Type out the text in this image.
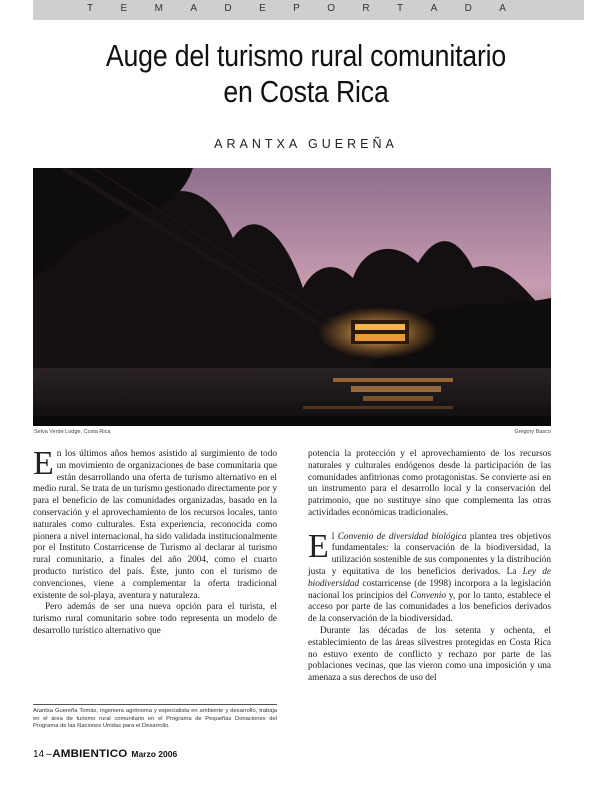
T	E	M	A	D	E	P	O	R	T	A	D	A
Auge del turismo rural comunitario
en Costa Rica
ARANTXA GUEREÑA
Selva Verde Lodge, Costa Rica	Gregory Basco

En los últimos años hemos asistido al surgimiento de todo un movimiento de organizaciones de base comunitaria que están desarrollando una oferta de turismo alternativo en el medio rural. Se trata de un turismo gestionado directamente por y para el beneficio de las comunidades organizadas, basado en la conservación y el aprovechamiento de los recursos locales, tanto naturales como culturales. Esta experiencia, reconocida como pionera a nivel internacional, ha sido validada institucionalmente por el Instituto Costarricense de Turismo al declarar al turismo rural comunitario, a finales del año 2004, como el cuarto producto turístico del país. Éste, junto con el turismo de convenciones, viene a complementar la oferta tradicional existente de sol-playa, aventura y naturaleza.

Pero además de ser una nueva opción para el turista, el turismo rural comunitario sobre todo representa un modelo de desarrollo turístico alternativo que

potencia la protección y el aprovechamiento de los recursos naturales y culturales endógenos desde la participación de las comunidades anfitrionas como protagonistas. Se convierte así en un instrumento para el desarrollo local y la conservación del patrimonio, que no sustituye sino que complementa las otras actividades económicas tradicionales.

El Convenio de diversidad biológica plantea tres objetivos fundamentales: la conservación de la biodiversidad, la utilización sostenible de sus componentes y la distribución justa y equitativa de los beneficios derivados. La Ley de biodiversidad costarricense (de 1998) incorpora a la legislación nacional los principios del Convenio y, por lo tanto, establece el acceso por parte de las comunidades a los beneficios derivados de la conservación de la biodiversidad.

Durante las décadas de los setenta y ochenta, el establecimiento de las áreas silvestres protegidas en Costa Rica no estuvo exento de conflicto y rechazo por parte de las poblaciones vecinas, que las vieron como una imposición y una amenaza a sus derechos de uso del

Arantxa Guereña Tomás, ingeniera agrónoma y especialista en ambiente y desarrollo, trabaja en el área de turismo rural comunitario en el Programa de Pequeñas Donaciones del Programa de las Naciones Unidas para el Desarrollo.
14 – AMBIENTICO Marzo 2006
